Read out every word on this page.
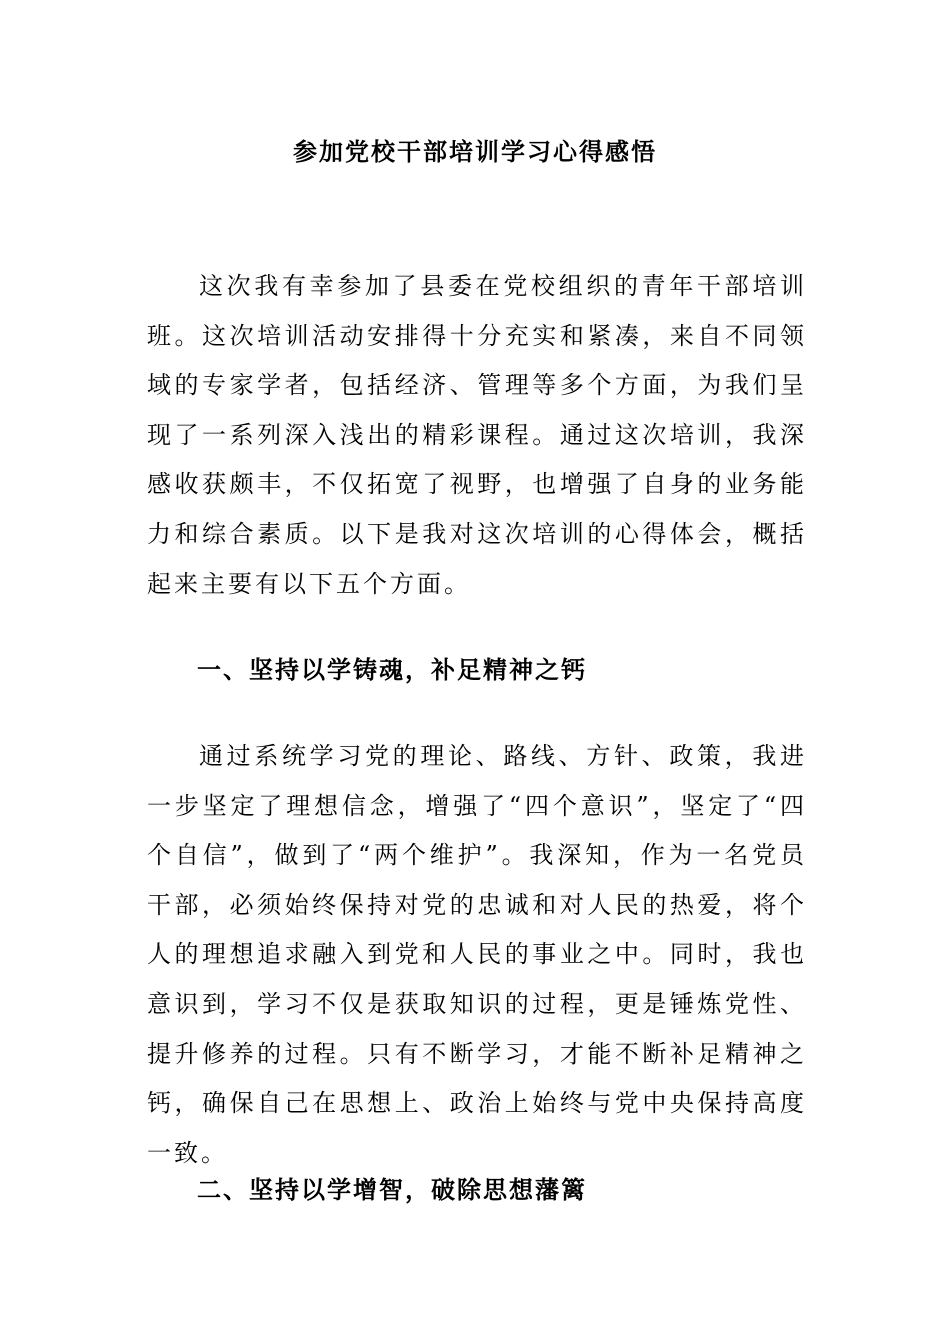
参加党校干部培训学习心得感悟

这次我有幸参加了县委在党校组织的青年干部培训班。这次培训活动安排得十分充实和紧凑，来自不同领域的专家学者，包括经济、管理等多个方面，为我们呈现了一系列深入浅出的精彩课程。通过这次培训，我深感收获颇丰，不仅拓宽了视野，也增强了自身的业务能力和综合素质。以下是我对这次培训的心得体会，概括起来主要有以下五个方面。

一、坚持以学铸魂，补足精神之钙

通过系统学习党的理论、路线、方针、政策，我进一步坚定了理想信念，增强了“四个意识”，坚定了“四个自信”，做到了“两个维护”。我深知，作为一名党员干部，必须始终保持对党的忠诚和对人民的热爱，将个人的理想追求融入到党和人民的事业之中。同时，我也意识到，学习不仅是获取知识的过程，更是锤炼党性、提升修养的过程。只有不断学习，才能不断补足精神之钙，确保自己在思想上、政治上始终与党中央保持高度一致。

二、坚持以学增智，破除思想藩篱
